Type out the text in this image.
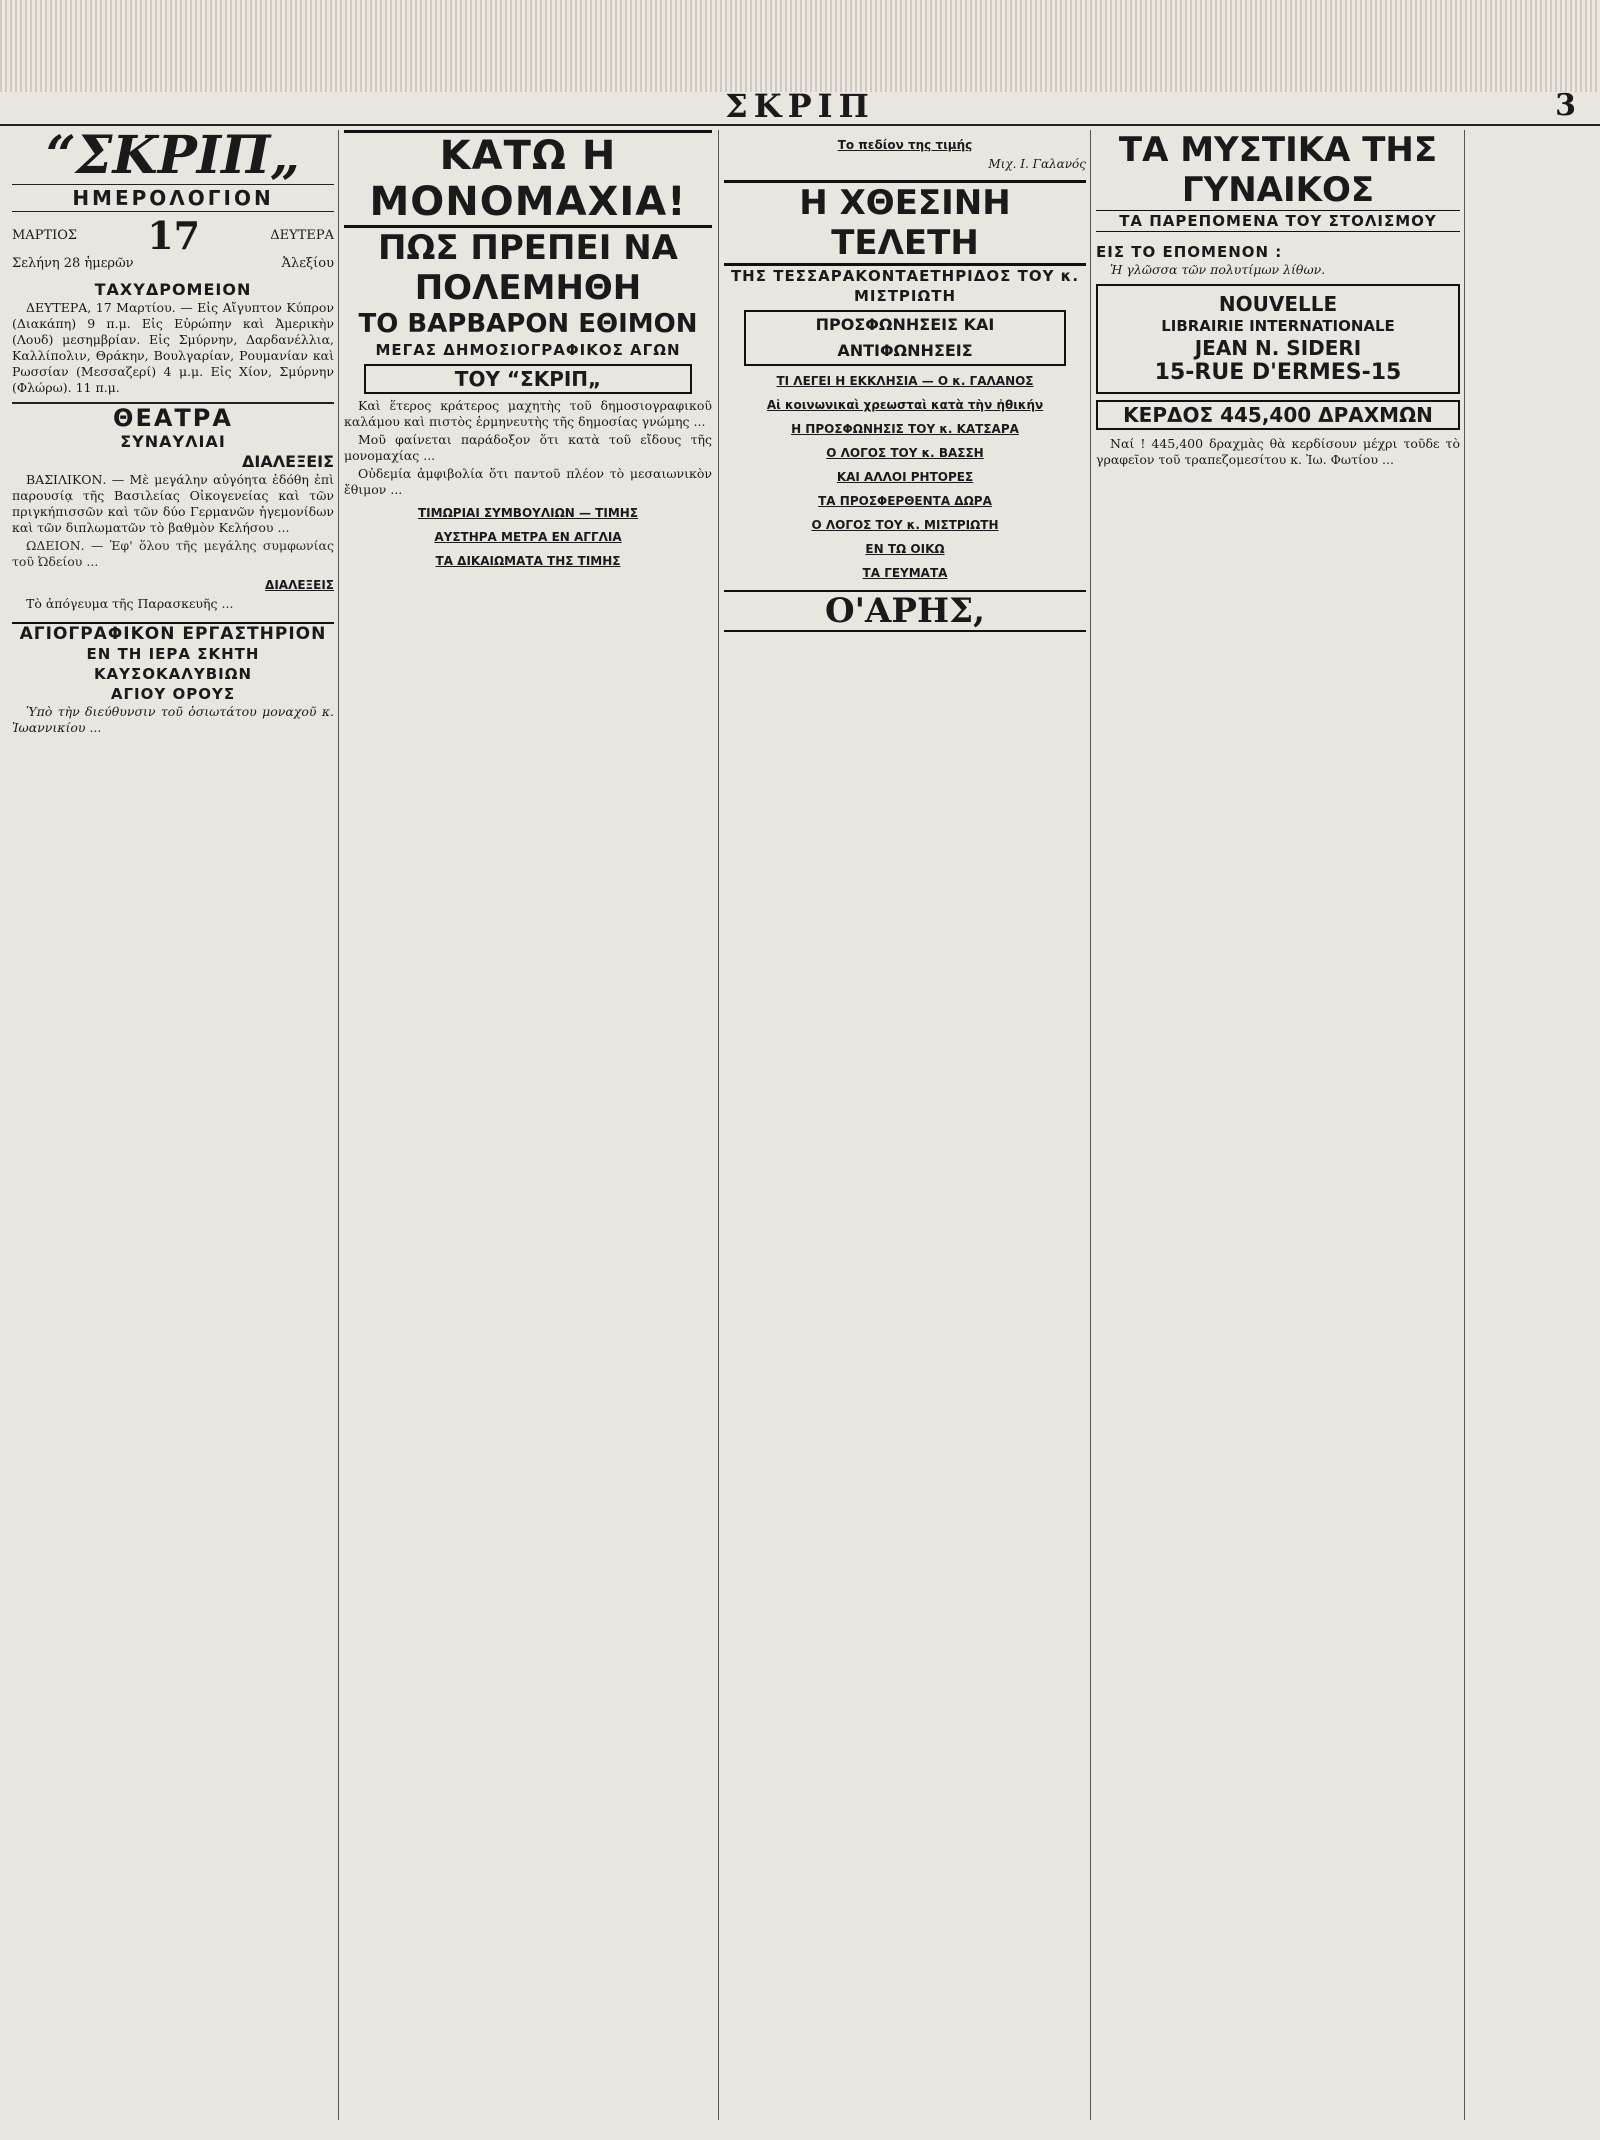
ΣΚΡΙΠ	3
“ΣΚΡΙΠ„
ΗΜΕΡΟΛΟΓΙΟΝ
ΜΑΡΤΙΟΣ 17	ΔΕΥΤΕΡΑ
Σελήνη 28 ἡμερῶν	Ἀλεξίου
ΤΑΧΥΔΡΟΜΕΙΟΝ

ΔΕΥΤΕΡΑ, 17 Μαρτίου. — Εἰς Αἴγυπτον Κύπρον (Διακάπη) 9 π.μ. Εἰς Εὐρώπην καὶ Ἀμερικὴν (Λουδ) μεσημβρίαν. Εἰς Σμύρνην, Δαρδανέλλια, Καλλίπολιν, Θράκην, Βουλγαρίαν, Ρουμανίαν καὶ Ρωσσίαν (Μεσσαζερί) 4 μ.μ. Εἰς Χίον, Σμύρνην (Φλώρω). 11 π.μ.

ΘΕΑΤΡΑ
ΣΥΝΑΥΛΙΑΙ
ΔΙΑΛΕΞΕΙΣ

ΒΑΣΙΛΙΚΟΝ. — Μὲ μεγάλην αὐγόητα ἐδόθη ἐπὶ παρουσίᾳ τῆς Βασιλείας Οἰκογενείας καὶ τῶν πριγκήπισσῶν καὶ τῶν δύο Γερμανῶν ἡγεμονίδων καὶ τῶν διπλωματῶν τὸ βαθμὸν Κελήσου ...

ΩΔΕΙΟΝ. — Ἐφ' ὅλου τῆς μεγάλης συμφωνίας τοῦ Ὠδείου ...

ΔΙΑΛΕΞΕΙΣ

Τὸ ἀπόγευμα τῆς Παρασκευῆς ...

ΑΓΙΟΓΡΑΦΙΚΟΝ ΕΡΓΑΣΤΗΡΙΟΝ
ΕΝ ΤΗ ΙΕΡΑ ΣΚΗΤΗ ΚΑΥΣΟΚΑΛΥΒΙΩΝ
ΑΓΙΟΥ ΟΡΟΥΣ

Ὑπὸ τὴν διεύθυνσιν τοῦ ὁσιωτάτου μοναχοῦ κ. Ἰωαννικίου ...

ΚΑΤΩ Η ΜΟΝΟΜΑΧΙΑ!
ΠΩΣ ΠΡΕΠΕΙ ΝΑ ΠΟΛΕΜΗΘΗ
ΤΟ ΒΑΡΒΑΡΟΝ ΕΘΙΜΟΝ
ΜΕΓΑΣ ΔΗΜΟΣΙΟΓΡΑΦΙΚΟΣ ΑΓΩΝ
ΤΟΥ “ΣΚΡΙΠ„

Καὶ ἕτερος κράτερος μαχητὴς τοῦ δημοσιογραφικοῦ καλάμου καὶ πιστὸς ἑρμηνευτὴς τῆς δημοσίας γνώμης ...

Μοῦ φαίνεται παράδοξον ὅτι κατὰ τοῦ εἴδους τῆς μονομαχίας ...

Οὐδεμία ἀμφιβολία ὅτι παντοῦ πλέον τὸ μεσαιωνικὸν ἔθιμον ...

ΤΙΜΩΡΙΑΙ ΣΥΜΒΟΥΛΙΩΝ — ΤΙΜΗΣ
ΑΥΣΤΗΡΑ ΜΕΤΡΑ ΕΝ ΑΓΓΛΙΑ
ΤΑ ΔΙΚΑΙΩΜΑΤΑ ΤΗΣ ΤΙΜΗΣ
Το πεδίον της τιμής
Μιχ. Ι. Γαλανός
Η ΧΘΕΣΙΝΗ ΤΕΛΕΤΗ
ΤΗΣ ΤΕΣΣΑΡΑΚΟΝΤΑΕΤΗΡΙΔΟΣ ΤΟΥ κ. ΜΙΣΤΡΙΩΤΗ
ΠΡΟΣΦΩΝΗΣΕΙΣ ΚΑΙ ΑΝΤΙΦΩΝΗΣΕΙΣ
ΤΙ ΛΕΓΕΙ Η ΕΚΚΛΗΣΙΑ — Ο κ. ΓΑΛΑΝΟΣ
Αἱ κοινωνικαὶ χρεωσταὶ κατὰ τὴν ἠθικήν
Η ΠΡΟΣΦΩΝΗΣΙΣ ΤΟΥ κ. ΚΑΤΣΑΡΑ
Ο ΛΟΓΟΣ ΤΟΥ κ. ΒΑΣΣΗ
ΚΑΙ ΑΛΛΟΙ ΡΗΤΟΡΕΣ
ΤΑ ΠΡΟΣΦΕΡΘΕΝΤΑ ΔΩΡΑ
Ο ΛΟΓΟΣ ΤΟΥ κ. ΜΙΣΤΡΙΩΤΗ
ΕΝ ΤΩ ΟΙΚΩ
ΤΑ ΓΕΥΜΑΤΑ
Ο'ΑΡΗΣ,
ΤΑ ΜΥΣΤΙΚΑ ΤΗΣ ΓΥΝΑΙΚΟΣ
ΤΑ ΠΑΡΕΠΟΜΕΝΑ ΤΟΥ ΣΤΟΛΙΣΜΟΥ
ΕΙΣ ΤΟ ΕΠΟΜΕΝΟΝ :

Ἡ γλῶσσα τῶν πολυτίμων λίθων.

NOUVELLE
LIBRAIRIE INTERNATIONALE
JEAN N. SIDERI
15-RUE D'ERMES-15
ΚΕΡΔΟΣ 445,400 ΔΡΑΧΜΩΝ

Ναί ! 445,400 δραχμὰς θὰ κερδίσουν μέχρι τοῦδε τὸ γραφεῖον τοῦ τραπεζομεσίτου κ. Ἰω. Φωτίου ...
